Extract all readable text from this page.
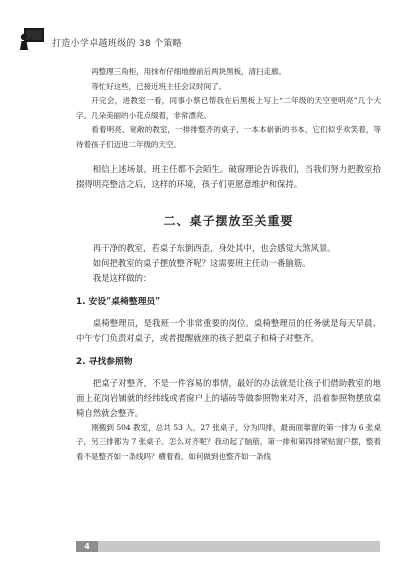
打造小学卓越班级的 38 个策略

再整理三角柜，用抹布仔细地擦前后两块黑板，清扫走廊。

等忙好这些，已接近班主任会议时间了。

开完会，进教室一看，同事小蔡已帮我在后黑板上写上“二年级的天空更明亮”几个大字。几朵美丽的小花点缀着，非常漂亮。

看着明亮、宽敞的教室，一排排整齐的桌子，一本本崭新的书本，它们似乎欢笑着，等待着孩子们迈进二年级的天空。

相信上述场景，班主任都不会陌生。破窗理论告诉我们，当我们努力把教室拾掇得明亮整洁之后，这样的环境，孩子们更愿意维护和保持。

二、桌子摆放至关重要

再干净的教室，若桌子东倒西歪，身处其中，也会感觉大煞风景。

如何把教室的桌子摆放整齐呢？这需要班主任动一番脑筋。

我是这样做的：

1. 安设“桌椅整理员”

桌椅整理员，是我班一个非常重要的岗位。桌椅整理员的任务就是每天早晨、中午专门负责对桌子，或者提醒就座的孩子把桌子和椅子对整齐。

2. 寻找参照物

把桌子对整齐，不是一件容易的事情，最好的办法就是让孩子们借助教室的地面上花岗岩铺就的经纬线或者窗户上的墙砖等做参照物来对齐，沿着参照物摆放桌椅自然就会整齐。

刚搬到 504 教室，总共 53 人，27 张桌子，分为四排，最南面靠窗的第一排为 6 张桌子，另三排都为 7 张桌子。怎么对齐呢？我动起了脑筋，第一排和第四排紧贴窗户摆，整着看不是整齐如一条线吗？横着看，如何做到也整齐如一条线

4
